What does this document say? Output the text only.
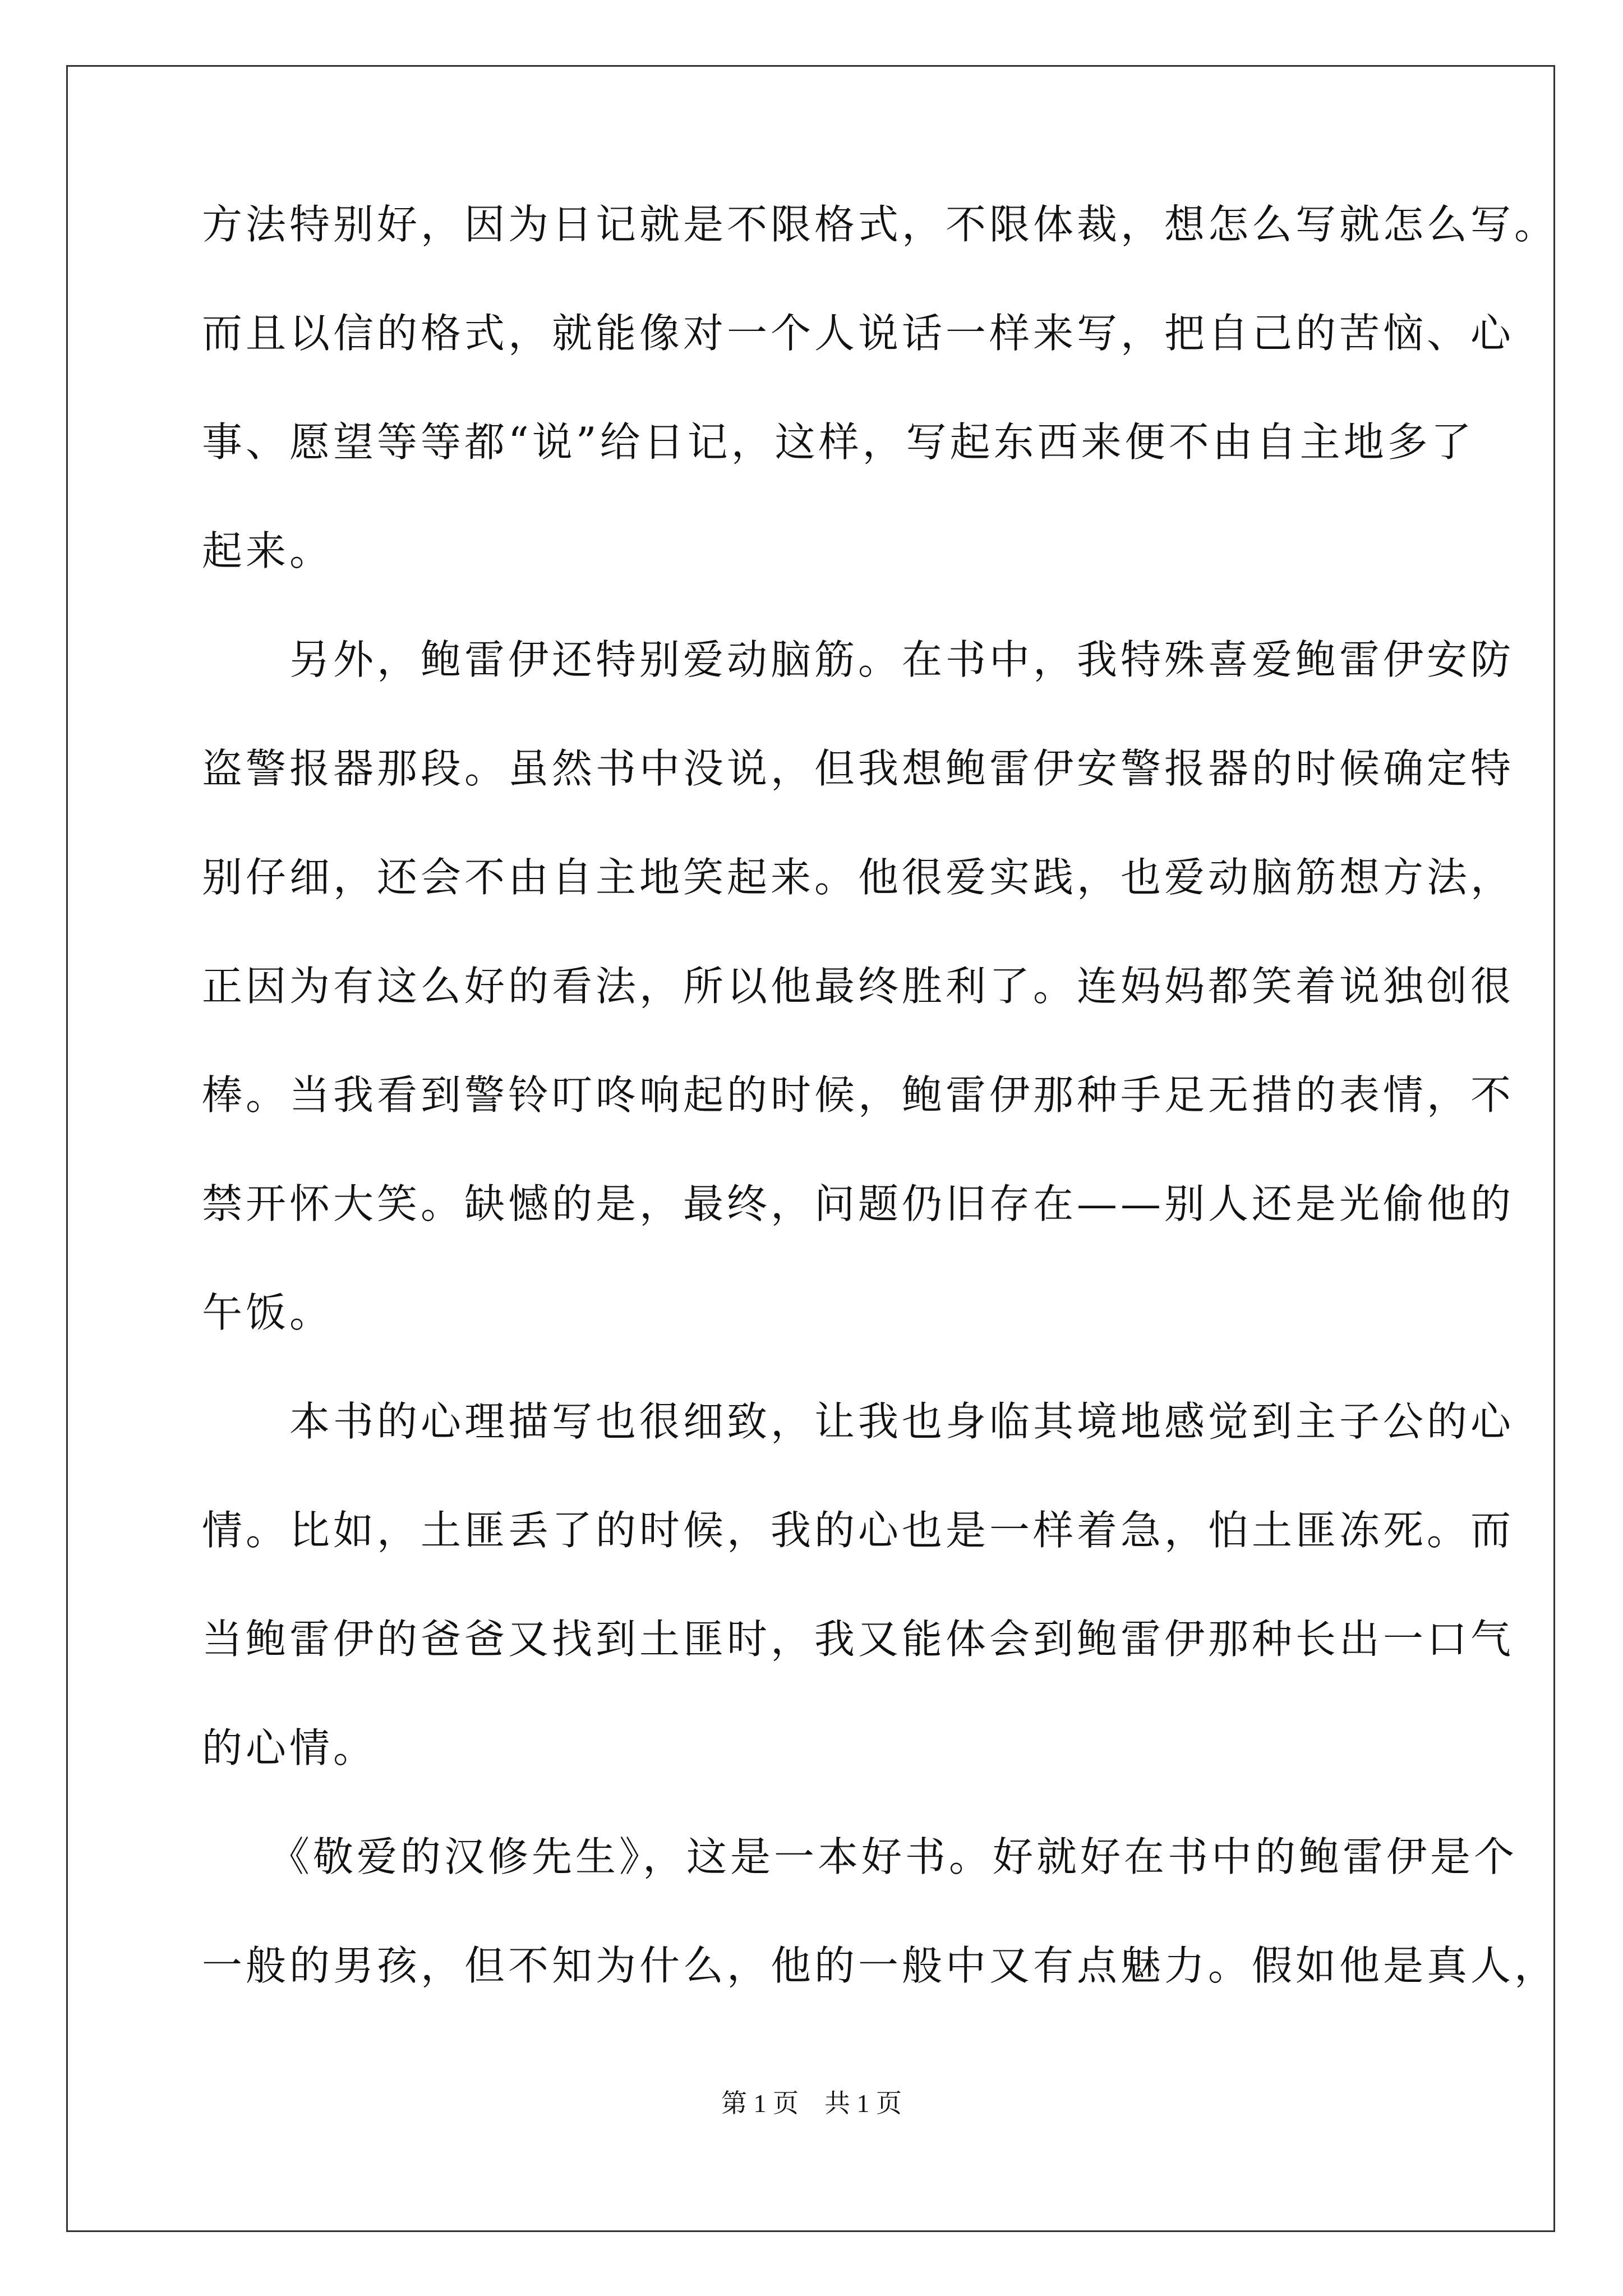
方法特别好，因为日记就是不限格式，不限体裁，想怎么写就怎么写。
而且以信的格式，就能像对一个人说话一样来写，把自己的苦恼、心
事、愿望等等都“说”给日记，这样，写起东西来便不由自主地多了
起来。
　　另外，鲍雷伊还特别爱动脑筋。在书中，我特殊喜爱鲍雷伊安防
盗警报器那段。虽然书中没说，但我想鲍雷伊安警报器的时候确定特
别仔细，还会不由自主地笑起来。他很爱实践，也爱动脑筋想方法，
正因为有这么好的看法，所以他最终胜利了。连妈妈都笑着说独创很
棒。当我看到警铃叮咚响起的时候，鲍雷伊那种手足无措的表情，不
禁开怀大笑。缺憾的是，最终，问题仍旧存在——别人还是光偷他的
午饭。
　　本书的心理描写也很细致，让我也身临其境地感觉到主子公的心
情。比如，土匪丢了的时候，我的心也是一样着急，怕土匪冻死。而
当鲍雷伊的爸爸又找到土匪时，我又能体会到鲍雷伊那种长出一口气
的心情。
　　《敬爱的汉修先生》，这是一本好书。好就好在书中的鲍雷伊是个
一般的男孩，但不知为什么，他的一般中又有点魅力。假如他是真人，
第 1 页　共 1 页
